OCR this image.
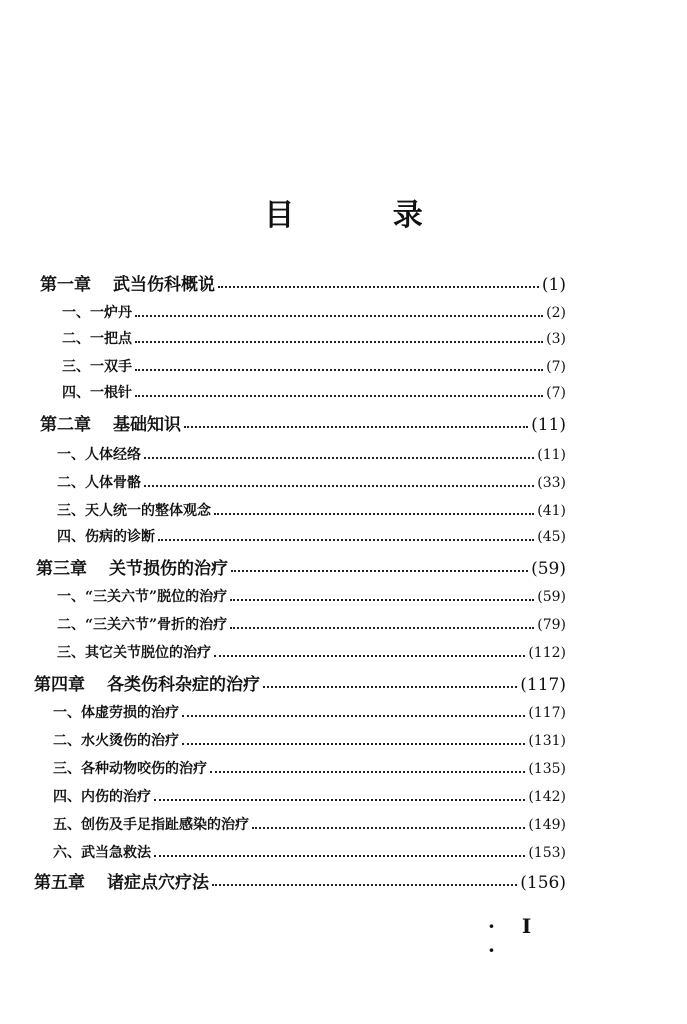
目 录
第一章 武当伤科概说	(1)
一、一炉丹	(2)
二、一把点	(3)
三、一双手	(7)
四、一根针	(7)
第二章 基础知识	(11)
一、人体经络	(11)
二、人体骨骼	(33)
三、天人统一的整体观念	(41)
四、伤病的诊断	(45)
第三章 关节损伤的治疗	(59)
一、“三关六节”脱位的治疗	(59)
二、“三关六节”骨折的治疗	(79)
三、其它关节脱位的治疗	(112)
第四章 各类伤科杂症的治疗	(117)
一、体虚劳损的治疗	(117)
二、水火烫伤的治疗	(131)
三、各种动物咬伤的治疗	(135)
四、内伤的治疗	(142)
五、创伤及手足指趾感染的治疗	(149)
六、武当急救法	(153)
第五章 诸症点穴疗法	(156)
· I ·
